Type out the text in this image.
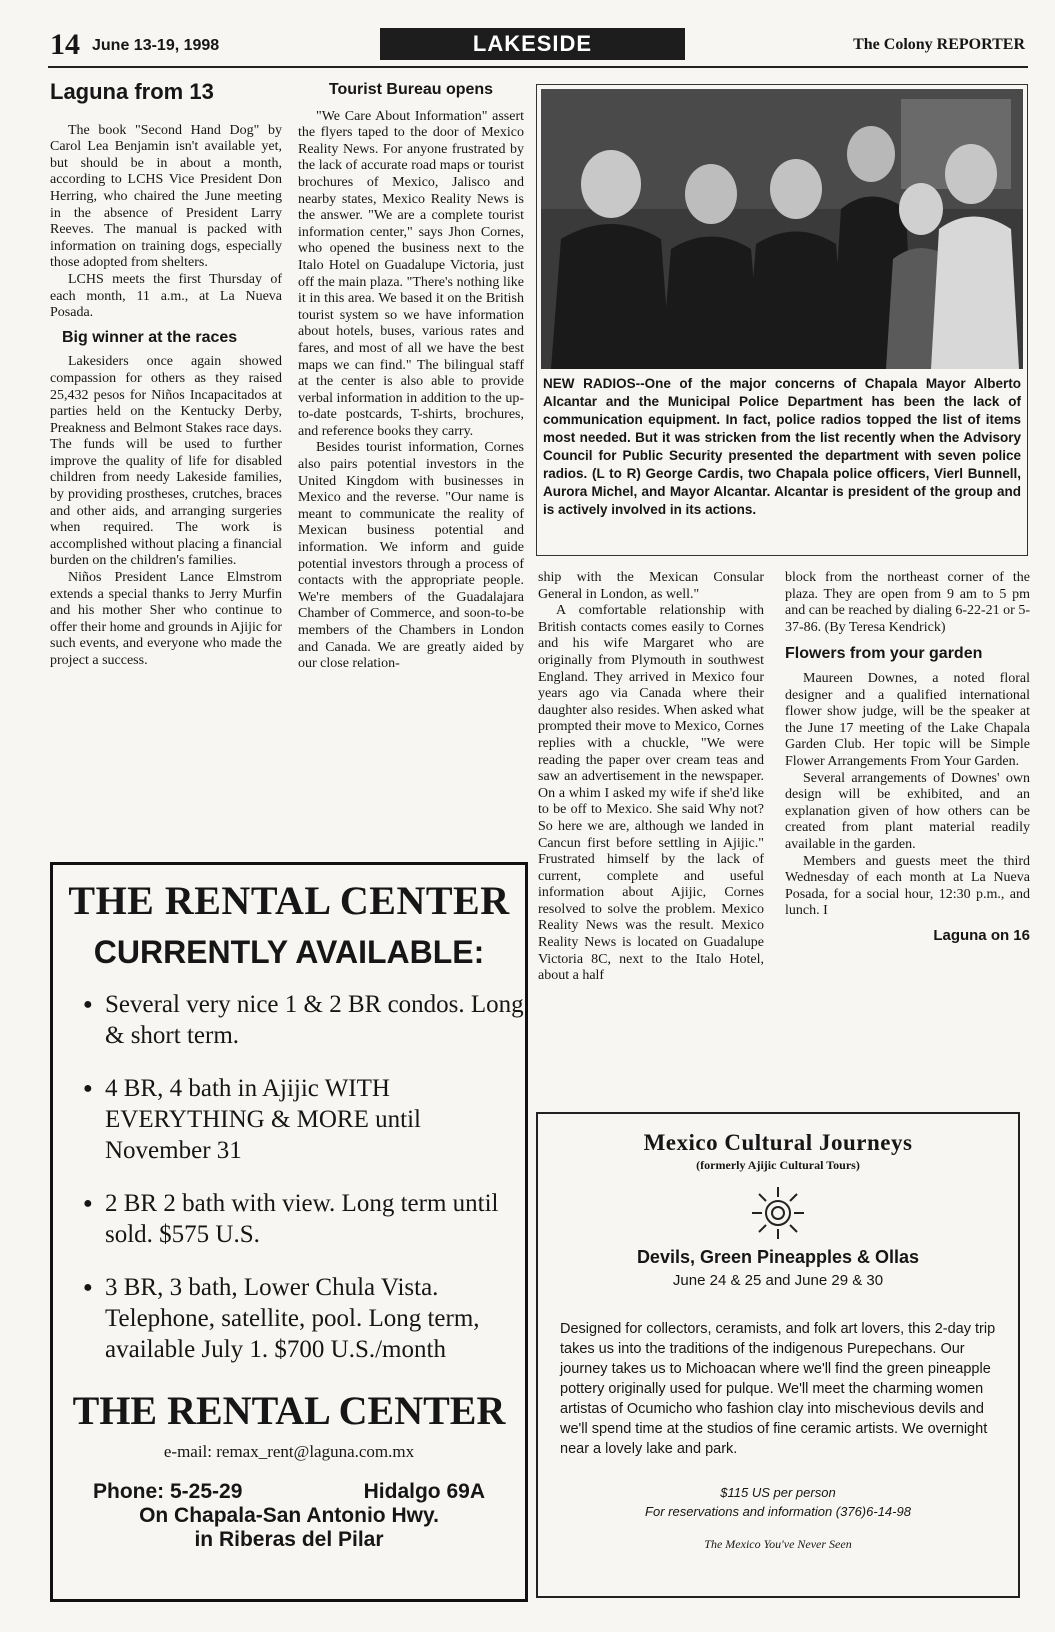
14 June 13-19, 1998	LAKESIDE	The Colony REPORTER
Laguna from 13

The book "Second Hand Dog" by Carol Lea Benjamin isn't available yet, but should be in about a month, according to LCHS Vice President Don Herring, who chaired the June meeting in the absence of President Larry Reeves. The manual is packed with information on training dogs, especially those adopted from shelters.

LCHS meets the first Thursday of each month, 11 a.m., at La Nueva Posada.

Big winner at the races

Lakesiders once again showed compassion for others as they raised 25,432 pesos for Niños Incapacitados at parties held on the Kentucky Derby, Preakness and Belmont Stakes race days. The funds will be used to further improve the quality of life for disabled children from needy Lakeside families, by providing prostheses, crutches, braces and other aids, and arranging surgeries when required. The work is accomplished without placing a financial burden on the children's families.

Niños President Lance Elmstrom extends a special thanks to Jerry Murfin and his mother Sher who continue to offer their home and grounds in Ajijic for such events, and everyone who made the project a success.

Tourist Bureau opens

"We Care About Information" assert the flyers taped to the door of Mexico Reality News. For anyone frustrated by the lack of accurate road maps or tourist brochures of Mexico, Jalisco and nearby states, Mexico Reality News is the answer. "We are a complete tourist information center," says Jhon Cornes, who opened the business next to the Italo Hotel on Guadalupe Victoria, just off the main plaza. "There's nothing like it in this area. We based it on the British tourist system so we have information about hotels, buses, various rates and fares, and most of all we have the best maps we can find." The bilingual staff at the center is also able to provide verbal information in addition to the up-to-date postcards, T-shirts, brochures, and reference books they carry.

Besides tourist information, Cornes also pairs potential investors in the United Kingdom with businesses in Mexico and the reverse. "Our name is meant to communicate the reality of Mexican business potential and information. We inform and guide potential investors through a process of contacts with the appropriate people. We're members of the Guadalajara Chamber of Commerce, and soon-to-be members of the Chambers in London and Canada. We are greatly aided by our close relation-

NEW RADIOS--One of the major concerns of Chapala Mayor Alberto Alcantar and the Municipal Police Department has been the lack of communication equipment. In fact, police radios topped the list of items most needed. But it was stricken from the list recently when the Advisory Council for Public Security presented the department with seven police radios. (L to R) George Cardis, two Chapala police officers, Vierl Bunnell, Aurora Michel, and Mayor Alcantar. Alcantar is president of the group and is actively involved in its actions.

ship with the Mexican Consular General in London, as well."

A comfortable relationship with British contacts comes easily to Cornes and his wife Margaret who are originally from Plymouth in southwest England. They arrived in Mexico four years ago via Canada where their daughter also resides. When asked what prompted their move to Mexico, Cornes replies with a chuckle, "We were reading the paper over cream teas and saw an advertisement in the newspaper. On a whim I asked my wife if she'd like to be off to Mexico. She said Why not? So here we are, although we landed in Cancun first before settling in Ajijic." Frustrated himself by the lack of current, complete and useful information about Ajijic, Cornes resolved to solve the problem. Mexico Reality News was the result. Mexico Reality News is located on Guadalupe Victoria 8C, next to the Italo Hotel, about a half

block from the northeast corner of the plaza. They are open from 9 am to 5 pm and can be reached by dialing 6-22-21 or 5-37-86. (By Teresa Kendrick)

Flowers from your garden

Maureen Downes, a noted floral designer and a qualified international flower show judge, will be the speaker at the June 17 meeting of the Lake Chapala Garden Club. Her topic will be Simple Flower Arrangements From Your Garden.

Several arrangements of Downes' own design will be exhibited, and an explanation given of how others can be created from plant material readily available in the garden.

Members and guests meet the third Wednesday of each month at La Nueva Posada, for a social hour, 12:30 p.m., and lunch. I

Laguna on 16
THE RENTAL CENTER
CURRENTLY AVAILABLE:
● Several very nice 1 & 2 BR condos. Long & short term.
● 4 BR, 4 bath in Ajijic WITH EVERYTHING & MORE until November 31
● 2 BR 2 bath with view. Long term until sold. $575 U.S.
● 3 BR, 3 bath, Lower Chula Vista. Telephone, satellite, pool. Long term, available July 1. $700 U.S./month
THE RENTAL CENTER
e-mail: remax_rent@laguna.com.mx
Phone: 5-25-29	Hidalgo 69A
On Chapala-San Antonio Hwy.
in Riberas del Pilar
Mexico Cultural Journeys
(formerly Ajijic Cultural Tours)
Devils, Green Pineapples & Ollas
June 24 & 25 and June 29 & 30
Designed for collectors, ceramists, and folk art lovers, this 2-day trip takes us into the traditions of the indigenous Purepechans. Our journey takes us to Michoacan where we'll find the green pineapple pottery originally used for pulque. We'll meet the charming women artistas of Ocumicho who fashion clay into mischevious devils and we'll spend time at the studios of fine ceramic artists. We overnight near a lovely lake and park.
$115 US per person
For reservations and information (376)6-14-98
The Mexico You've Never Seen
